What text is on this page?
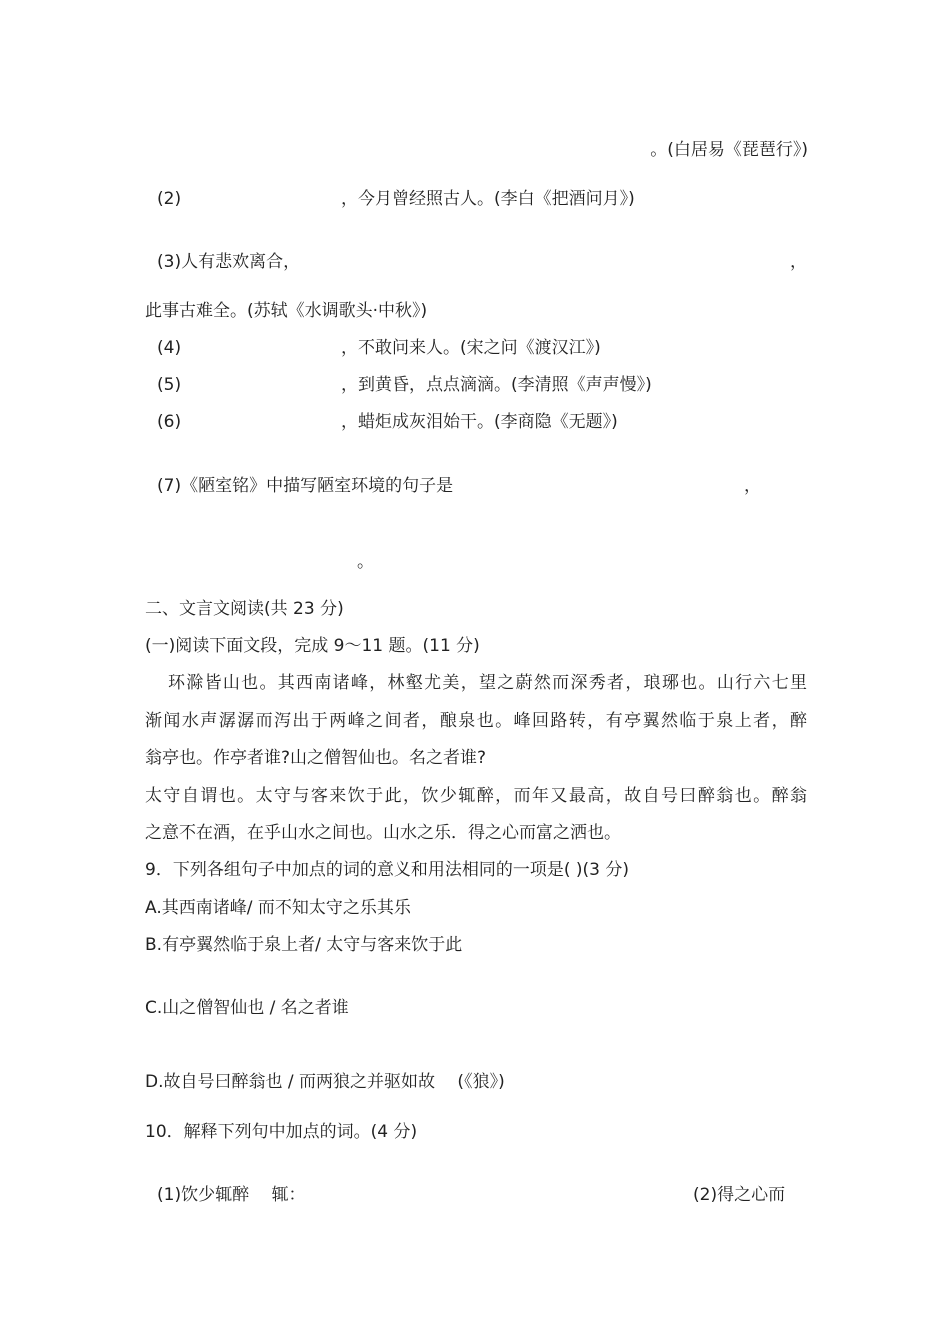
。(白居易《琵琶行》)
(2)	，今月曾经照古人。(李白《把酒问月》)
(3)人有悲欢离合，	，
此事古难全。(苏轼《水调歌头·中秋》)
(4)	，不敢问来人。(宋之问《渡汉江》)
(5)	，到黄昏，点点滴滴。(李清照《声声慢》)
(6)	，蜡炬成灰泪始干。(李商隐《无题》)
(7)《陋室铭》中描写陋室环境的句子是	，
。
二、文言文阅读(共 23 分)
(一)阅读下面文段，完成 9～11 题。(11 分)
环滁皆山也。其西南诸峰，林壑尤美，望之蔚然而深秀者，琅琊也。山行六七里
渐闻水声潺潺而泻出于两峰之间者，酿泉也。峰回路转，有亭翼然临于泉上者，醉
翁亭也。作亭者谁?山之僧智仙也。名之者谁?
太守自谓也。太守与客来饮于此，饮少辄醉，而年又最高，故自号曰醉翁也。醉翁
之意不在酒，在乎山水之间也。山水之乐．得之心而富之洒也。
9．下列各组句子中加点的词的意义和用法相同的一项是( )(3 分)
A.其西南诸峰/ 而不知太守之乐其乐
B.有亭翼然临于泉上者/ 太守与客来饮于此
C.山之僧智仙也 / 名之者谁
D.故自号曰醉翁也 / 而两狼之并驱如故　 (《狼》)
10．解释下列句中加点的词。(4 分)
(1)饮少辄醉　 辄：	(2)得之心而
